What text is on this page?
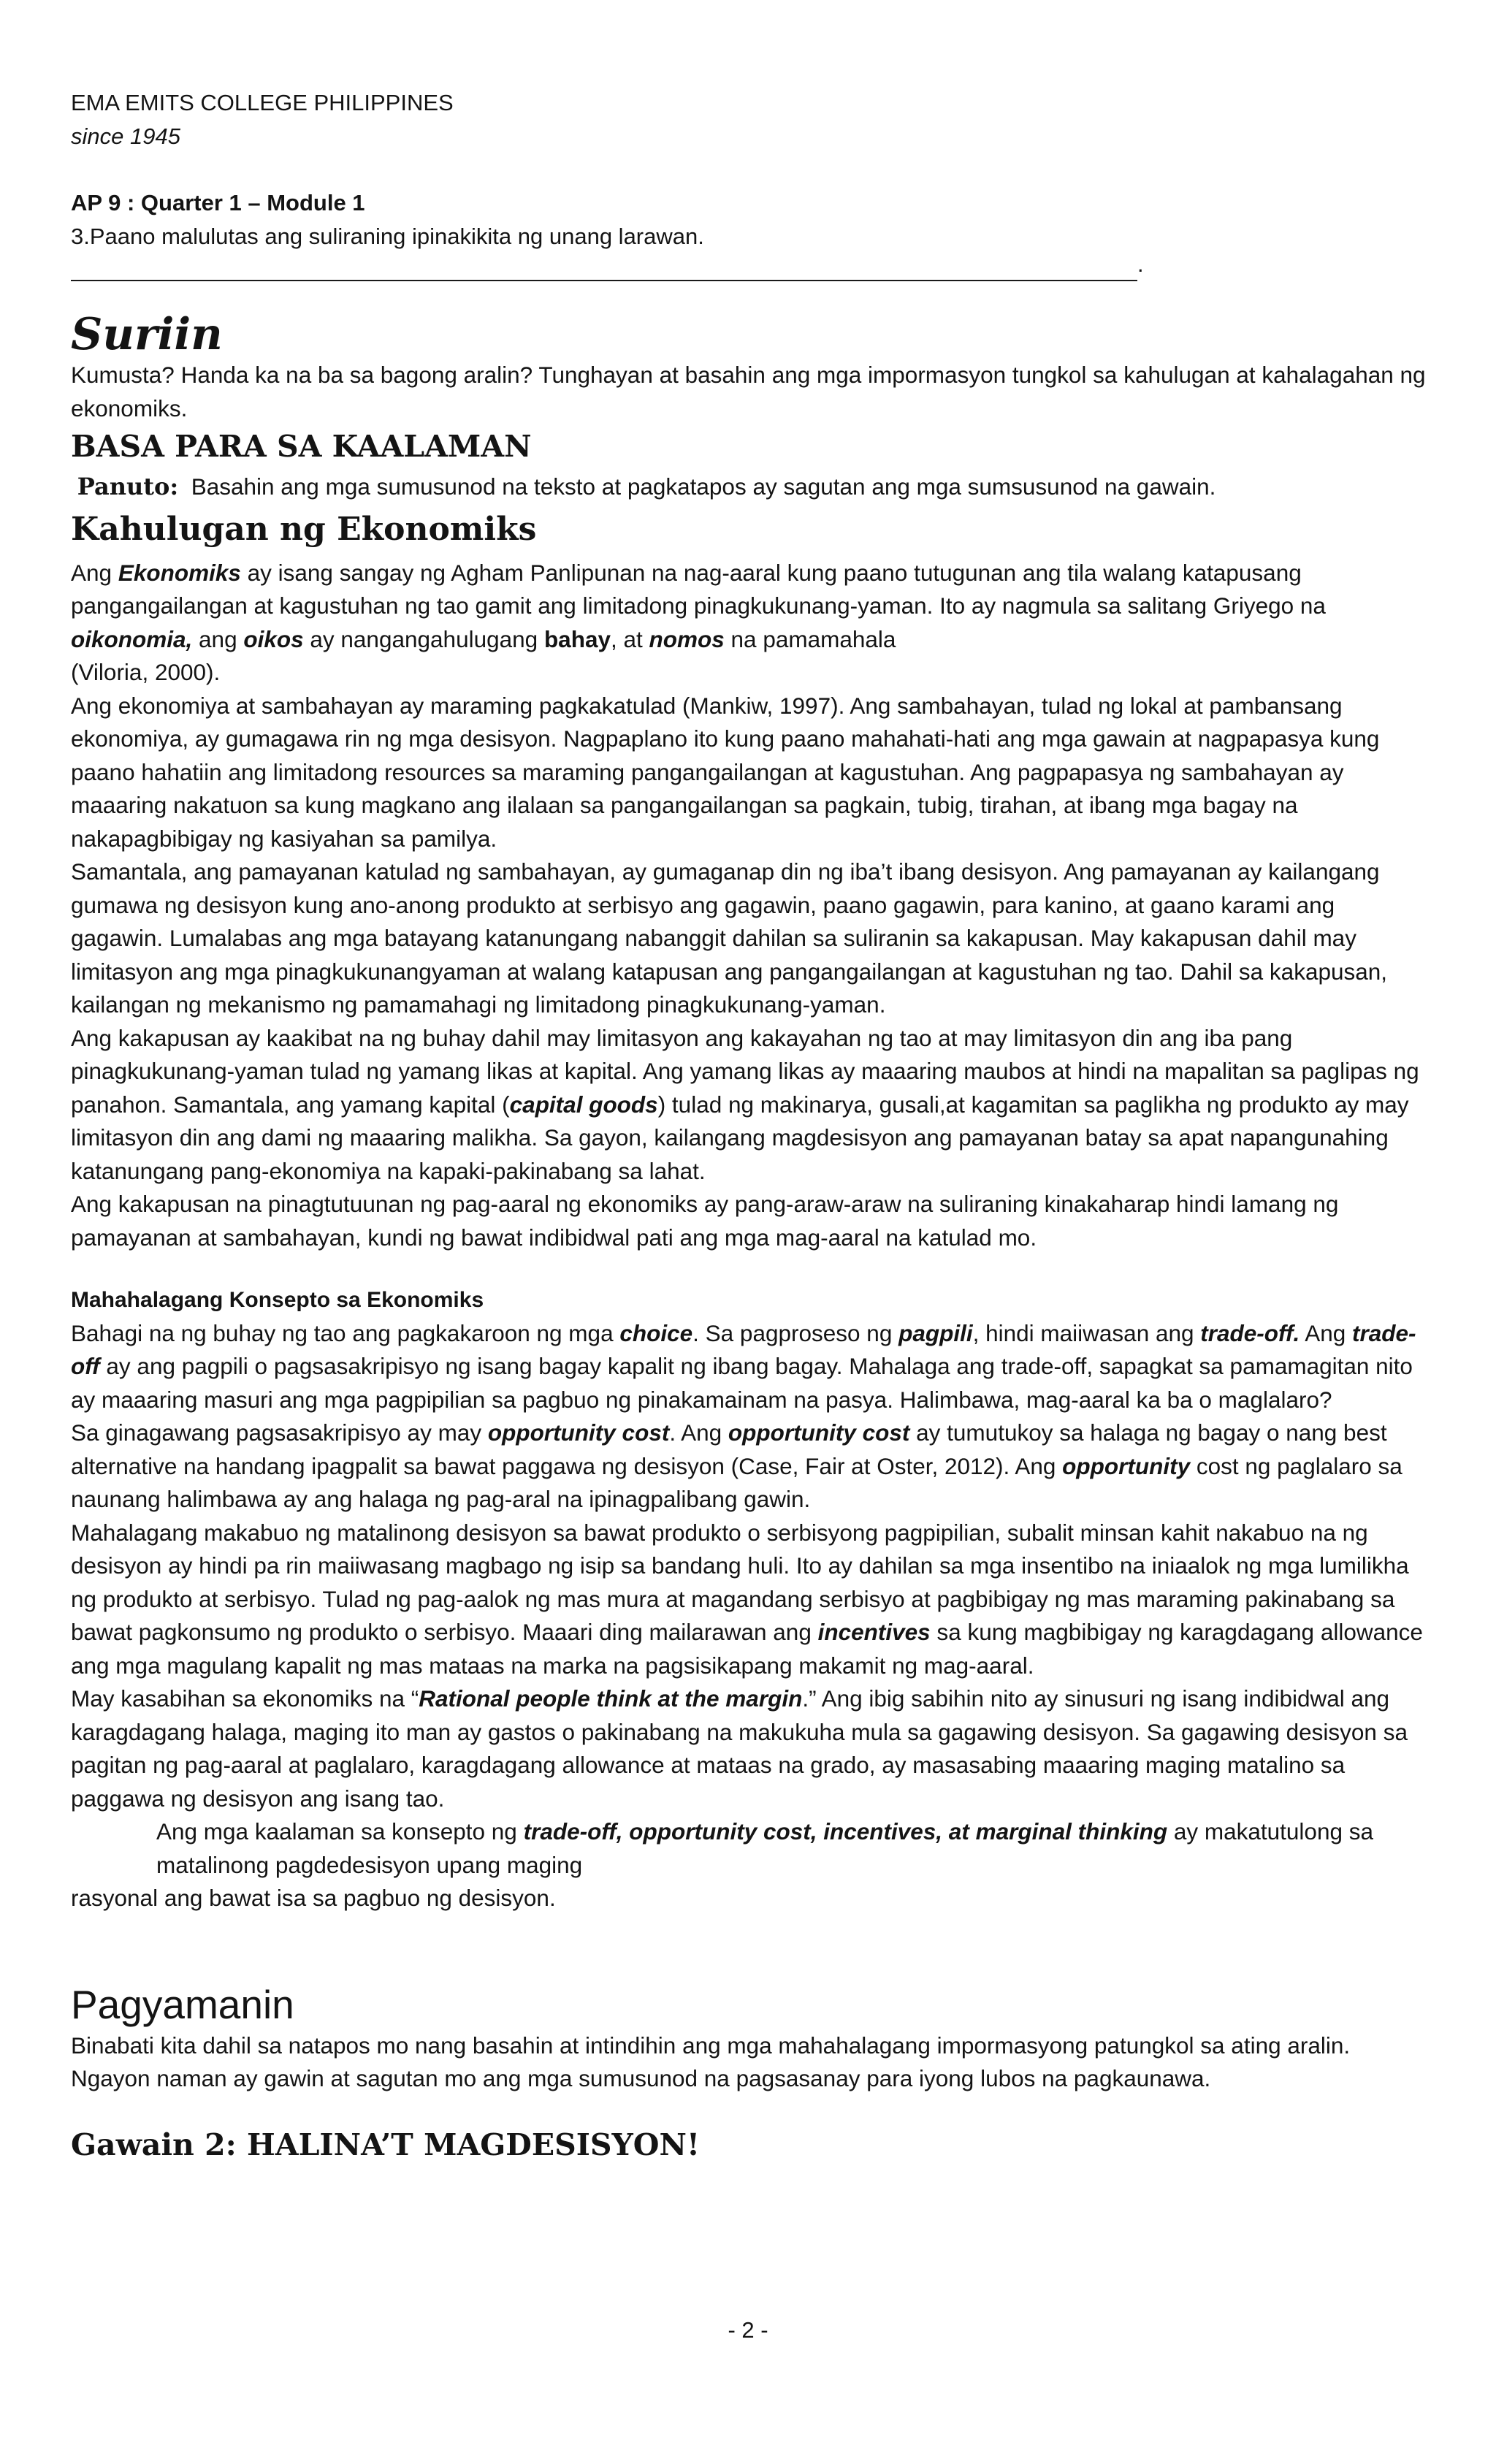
EMA EMITS COLLEGE PHILIPPINES
since 1945
AP 9 : Quarter 1 – Module 1
3.Paano malulutas ang suliraning ipinakikita ng unang larawan.
.
Suriin

Kumusta? Handa ka na ba sa bagong aralin? Tunghayan at basahin ang mga impormasyon tungkol sa kahulugan at kahalagahan ng ekonomiks.

BASA PARA SA KAALAMAN

Panuto: Basahin ang mga sumusunod na teksto at pagkatapos ay sagutan ang mga sumsusunod na gawain.

Kahulugan ng Ekonomiks

Ang Ekonomiks ay isang sangay ng Agham Panlipunan na nag-aaral kung paano tutugunan ang tila walang katapusang pangangailangan at kagustuhan ng tao gamit ang limitadong pinagkukunang-yaman. Ito ay nagmula sa salitang Griyego na oikonomia, ang oikos ay nangangahulugang bahay, at nomos na pamamahala

(Viloria, 2000).

Ang ekonomiya at sambahayan ay maraming pagkakatulad (Mankiw, 1997). Ang sambahayan, tulad ng lokal at pambansang ekonomiya, ay gumagawa rin ng mga desisyon. Nagpaplano ito kung paano mahahati-hati ang mga gawain at nagpapasya kung paano hahatiin ang limitadong resources sa maraming pangangailangan at kagustuhan. Ang pagpapasya ng sambahayan ay maaaring nakatuon sa kung magkano ang ilalaan sa pangangailangan sa pagkain, tubig, tirahan, at ibang mga bagay na nakapagbibigay ng kasiyahan sa pamilya.

Samantala, ang pamayanan katulad ng sambahayan, ay gumaganap din ng iba’t ibang desisyon. Ang pamayanan ay kailangang gumawa ng desisyon kung ano-anong produkto at serbisyo ang gagawin, paano gagawin, para kanino, at gaano karami ang gagawin. Lumalabas ang mga batayang katanungang nabanggit dahilan sa suliranin sa kakapusan. May kakapusan dahil may limitasyon ang mga pinagkukunangyaman at walang katapusan ang pangangailangan at kagustuhan ng tao. Dahil sa kakapusan, kailangan ng mekanismo ng pamamahagi ng limitadong pinagkukunang-yaman.

Ang kakapusan ay kaakibat na ng buhay dahil may limitasyon ang kakayahan ng tao at may limitasyon din ang iba pang pinagkukunang-yaman tulad ng yamang likas at kapital. Ang yamang likas ay maaaring maubos at hindi na mapalitan sa paglipas ng panahon. Samantala, ang yamang kapital (capital goods) tulad ng makinarya, gusali,at kagamitan sa paglikha ng produkto ay may limitasyon din ang dami ng maaaring malikha. Sa gayon, kailangang magdesisyon ang pamayanan batay sa apat napangunahing katanungang pang-ekonomiya na kapaki-pakinabang sa lahat.

Ang kakapusan na pinagtutuunan ng pag-aaral ng ekonomiks ay pang-araw-araw na suliraning kinakaharap hindi lamang ng pamayanan at sambahayan, kundi ng bawat indibidwal pati ang mga mag-aaral na katulad mo.

Mahahalagang Konsepto sa Ekonomiks

Bahagi na ng buhay ng tao ang pagkakaroon ng mga choice. Sa pagproseso ng pagpili, hindi maiiwasan ang trade-off. Ang trade-off ay ang pagpili o pagsasakripisyo ng isang bagay kapalit ng ibang bagay. Mahalaga ang trade-off, sapagkat sa pamamagitan nito ay maaaring masuri ang mga pagpipilian sa pagbuo ng pinakamainam na pasya. Halimbawa, mag-aaral ka ba o maglalaro?

Sa ginagawang pagsasakripisyo ay may opportunity cost. Ang opportunity cost ay tumutukoy sa halaga ng bagay o nang best alternative na handang ipagpalit sa bawat paggawa ng desisyon (Case, Fair at Oster, 2012). Ang opportunity cost ng paglalaro sa naunang halimbawa ay ang halaga ng pag-aral na ipinagpalibang gawin.

Mahalagang makabuo ng matalinong desisyon sa bawat produkto o serbisyong pagpipilian, subalit minsan kahit nakabuo na ng desisyon ay hindi pa rin maiiwasang magbago ng isip sa bandang huli. Ito ay dahilan sa mga insentibo na iniaalok ng mga lumilikha ng produkto at serbisyo. Tulad ng pag-aalok ng mas mura at magandang serbisyo at pagbibigay ng mas maraming pakinabang sa bawat pagkonsumo ng produkto o serbisyo. Maaari ding mailarawan ang incentives sa kung magbibigay ng karagdagang allowance ang mga magulang kapalit ng mas mataas na marka na pagsisikapang makamit ng mag-aaral.

May kasabihan sa ekonomiks na “Rational people think at the margin.” Ang ibig sabihin nito ay sinusuri ng isang indibidwal ang karagdagang halaga, maging ito man ay gastos o pakinabang na makukuha mula sa gagawing desisyon. Sa gagawing desisyon sa pagitan ng pag-aaral at paglalaro, karagdagang allowance at mataas na grado, ay masasabing maaaring maging matalino sa paggawa ng desisyon ang isang tao.

Ang mga kaalaman sa konsepto ng trade-off, opportunity cost, incentives, at marginal thinking ay makatutulong sa matalinong pagdedesisyon upang maging

rasyonal ang bawat isa sa pagbuo ng desisyon.

Pagyamanin

Binabati kita dahil sa natapos mo nang basahin at intindihin ang mga mahahalagang impormasyong patungkol sa ating aralin. Ngayon naman ay gawin at sagutan mo ang mga sumusunod na pagsasanay para iyong lubos na pagkaunawa.

Gawain 2: HALINA’T MAGDESISYON!
- 2 -
